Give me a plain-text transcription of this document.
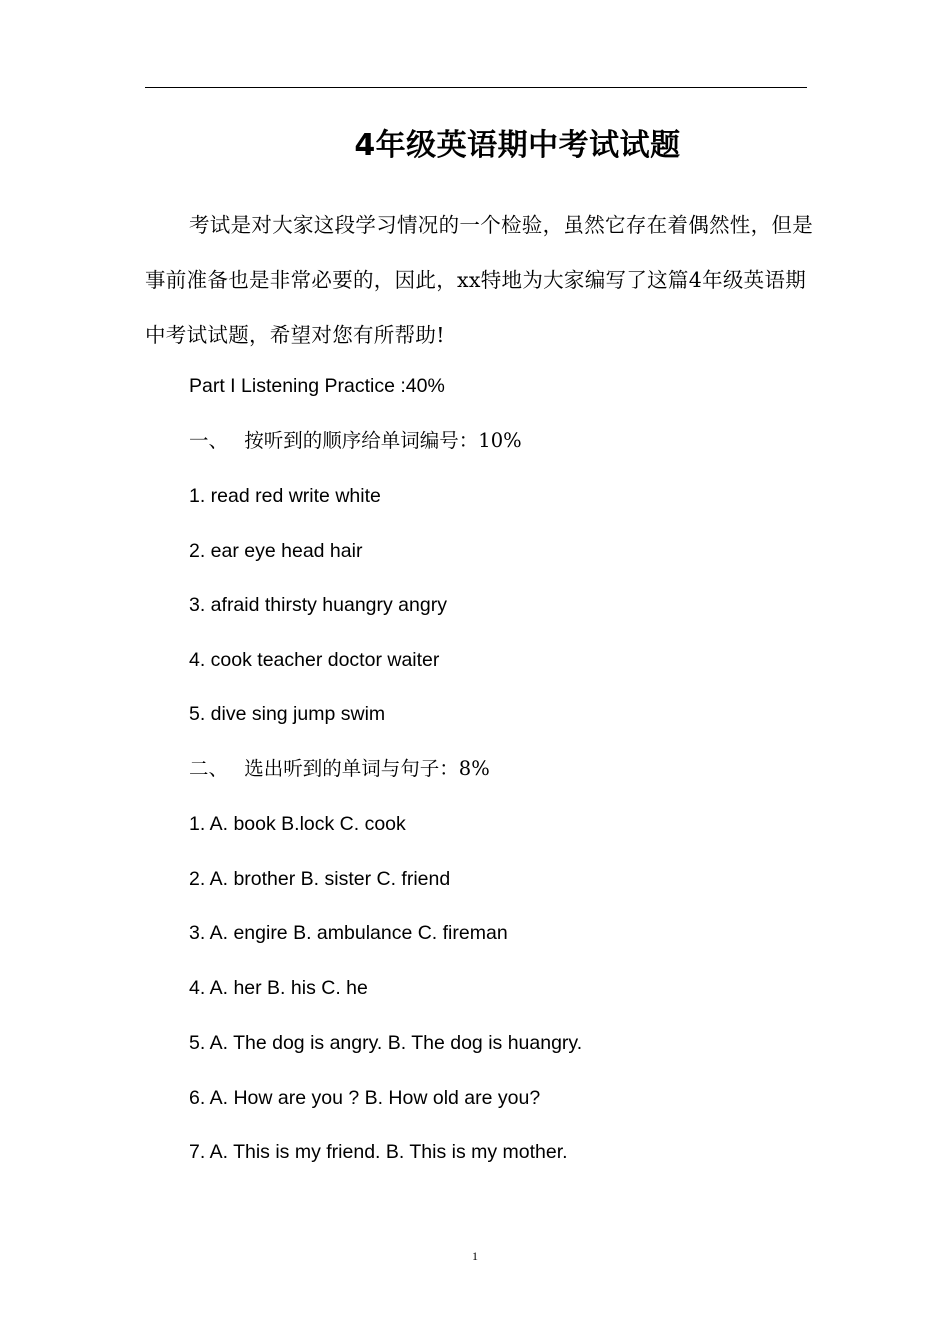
4年级英语期中考试试题

考试是对大家这段学习情况的一个检验，虽然它存在着偶然性，但是事前准备也是非常必要的，因此，xx特地为大家编写了这篇4年级英语期中考试试题，希望对您有所帮助!

Part I Listening Practice :40%

一、 按听到的顺序给单词编号：10%

1. read red write white

2. ear eye head hair

3. afraid thirsty huangry angry

4. cook teacher doctor waiter

5. dive sing jump swim

二、 选出听到的单词与句子：8%

1. A. book B.lock C. cook

2. A. brother B. sister C. friend

3. A. engire B. ambulance C. fireman

4. A. her B. his C. he

5. A. The dog is angry. B. The dog is huangry.

6. A. How are you ? B. How old are you?

7. A. This is my friend. B. This is my mother.

1
